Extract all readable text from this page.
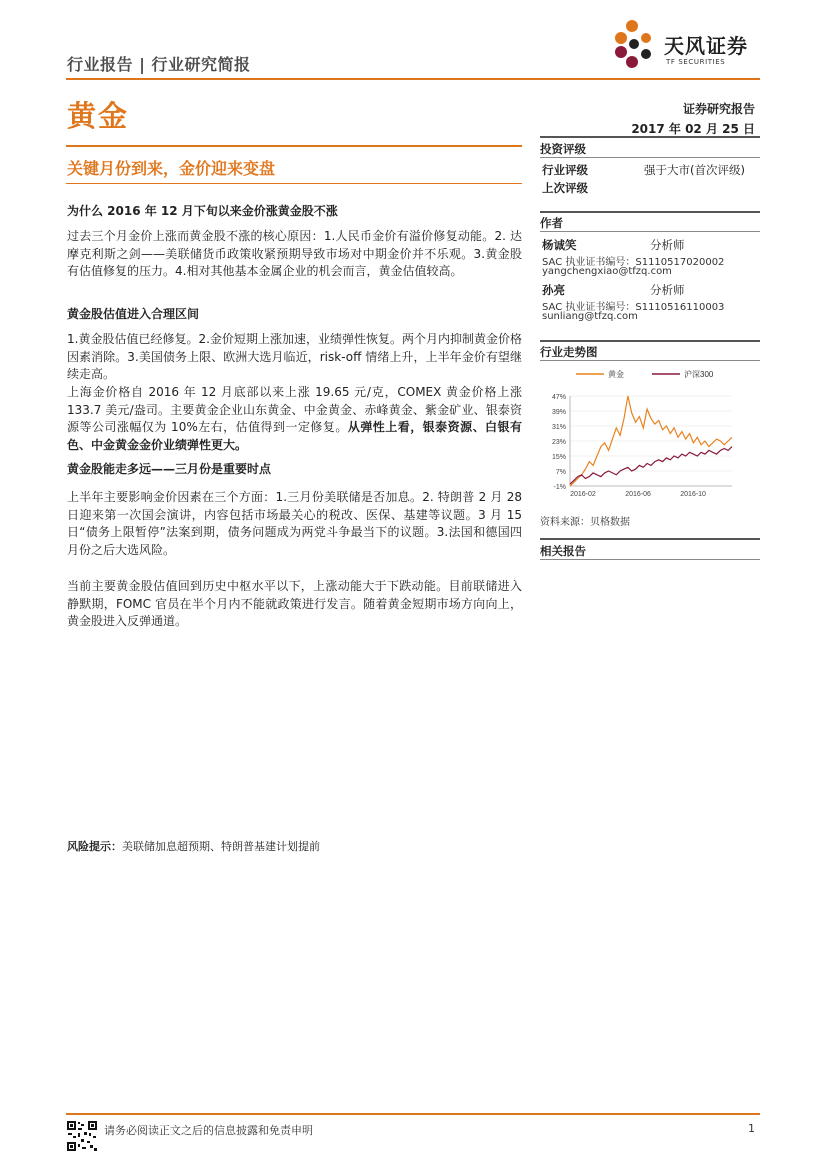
行业报告 | 行业研究简报
天风证券
TF SECURITIES
黄金	证券研究报告
2017 年 02 月 25 日
关键月份到来，金价迎来变盘
为什么 2016 年 12 月下旬以来金价涨黄金股不涨
过去三个月金价上涨而黄金股不涨的核心原因：1.人民币金价有溢价修复动能。2. 达摩克利斯之剑——美联储货币政策收紧预期导致市场对中期金价并不乐观。3.黄金股有估值修复的压力。4.相对其他基本金属企业的机会而言，黄金估值较高。
黄金股估值进入合理区间
1.黄金股估值已经修复。2.金价短期上涨加速，业绩弹性恢复。两个月内抑制黄金价格因素消除。3.美国债务上限、欧洲大选月临近，risk-off 情绪上升，上半年金价有望继续走高。
上海金价格自 2016 年 12 月底部以来上涨 19.65 元/克，COMEX 黄金价格上涨 133.7 美元/盎司。主要黄金企业山东黄金、中金黄金、赤峰黄金、紫金矿业、银泰资源等公司涨幅仅为 10%左右，估值得到一定修复。从弹性上看，银泰资源、白银有色、中金黄金金价业绩弹性更大。
黄金股能走多远——三月份是重要时点
上半年主要影响金价因素在三个方面：1.三月份美联储是否加息。2. 特朗普 2 月 28 日迎来第一次国会演讲，内容包括市场最关心的税改、医保、基建等议题。3 月 15 日“债务上限暂停”法案到期，债务问题成为两党斗争最当下的议题。3.法国和德国四月份之后大选风险。
当前主要黄金股估值回到历史中枢水平以下，上涨动能大于下跌动能。目前联储进入静默期，FOMC 官员在半个月内不能就政策进行发言。随着黄金短期市场方向向上，黄金股进入反弹通道。
风险提示：美联储加息超预期、特朗普基建计划提前
投资评级
行业评级	强于大市(首次评级)
上次评级
作者
杨诚笑	分析师
SAC 执业证书编号：S1110517020002
yangchengxiao@tfzq.com
孙亮	分析师
SAC 执业证书编号：S1110516110003
sunliang@tfzq.com
行业走势图
黄金	沪深300
-1%
7%
15%
23%
31%
39%
47%
2016-02	2016-06	2016-10
资料来源：贝格数据
相关报告
请务必阅读正文之后的信息披露和免责申明	1
